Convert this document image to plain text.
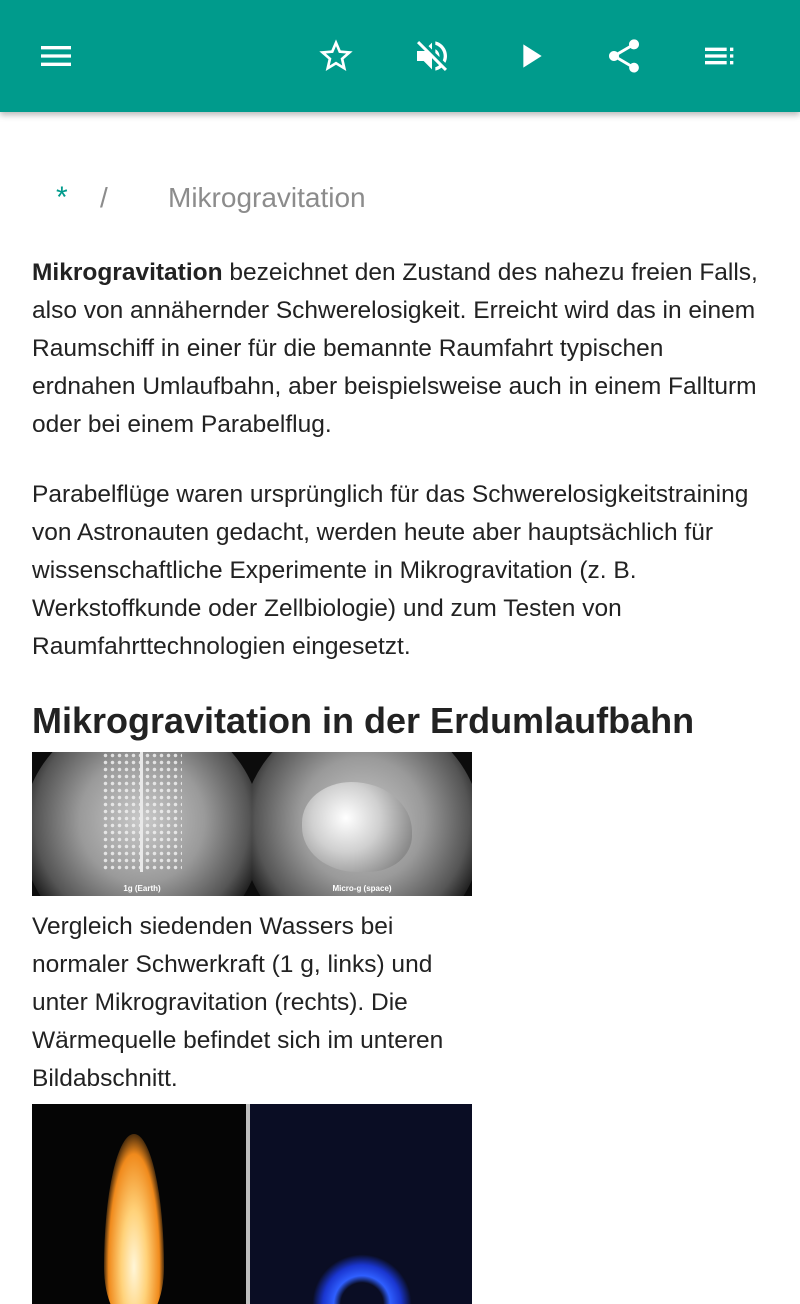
*	/	Mikrogravitation

Mikrogravitation bezeichnet den Zustand des nahezu freien Falls, also von annähernder Schwerelosigkeit. Erreicht wird das in einem Raumschiff in einer für die bemannte Raumfahrt typischen erdnahen Umlaufbahn, aber beispielsweise auch in einem Fallturm oder bei einem Parabelflug.

Parabelflüge waren ursprünglich für das Schwerelosigkeitstraining von Astronauten gedacht, werden heute aber hauptsächlich für wissenschaftliche Experimente in Mikrogravitation (z. B. Werkstoffkunde oder Zellbiologie) und zum Testen von Raumfahrttechnologien eingesetzt.

Mikrogravitation in der Erdumlaufbahn
1g (Earth)	Micro-g (space)
Vergleich siedenden Wassers bei normaler Schwerkraft (1 g, links) und unter Mikrogravitation (rechts). Die Wärmequelle befindet sich im unteren Bildabschnitt.
